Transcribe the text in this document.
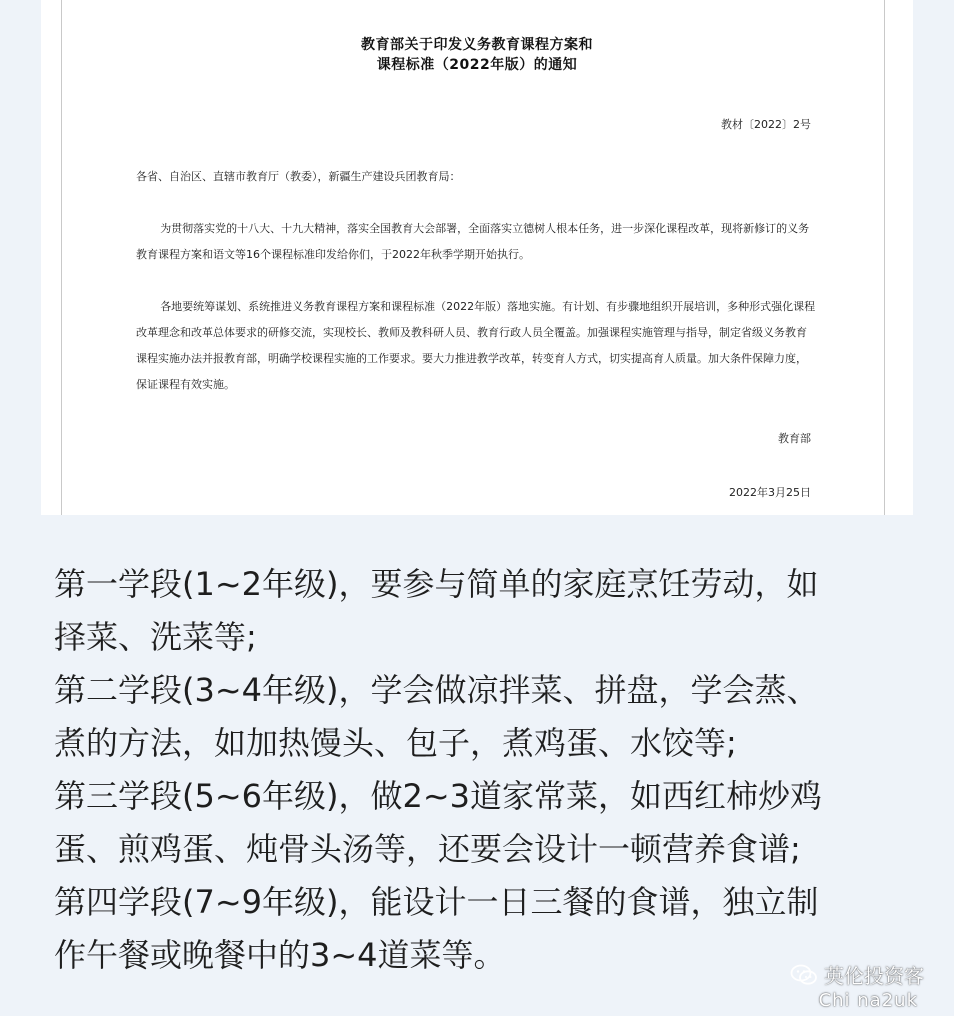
教育部关于印发义务教育课程方案和
课程标准（2022年版）的通知
教材〔2022〕2号
各省、自治区、直辖市教育厅（教委），新疆生产建设兵团教育局：

为贯彻落实党的十八大、十九大精神，落实全国教育大会部署，全面落实立德树人根本任务，进一步深化课程改革，现将新修订的义务教育课程方案和语文等16个课程标准印发给你们，于2022年秋季学期开始执行。

各地要统筹谋划、系统推进义务教育课程方案和课程标准（2022年版）落地实施。有计划、有步骤地组织开展培训，多种形式强化课程改革理念和改革总体要求的研修交流，实现校长、教师及教科研人员、教育行政人员全覆盖。加强课程实施管理与指导，制定省级义务教育课程实施办法并报教育部，明确学校课程实施的工作要求。要大力推进教学改革，转变育人方式，切实提高育人质量。加大条件保障力度，保证课程有效实施。

教育部
2022年3月25日
第一学段(1~2年级)，要参与简单的家庭烹饪劳动，如
择菜、洗菜等;
第二学段(3~4年级)，学会做凉拌菜、拼盘，学会蒸、
煮的方法，如加热馒头、包子，煮鸡蛋、水饺等;
第三学段(5~6年级)，做2~3道家常菜，如西红柿炒鸡
蛋、煎鸡蛋、炖骨头汤等，还要会设计一顿营养食谱;
第四学段(7~9年级)，能设计一日三餐的食谱，独立制
作午餐或晚餐中的3~4道菜等。
英伦投资客
Chi na2uk
